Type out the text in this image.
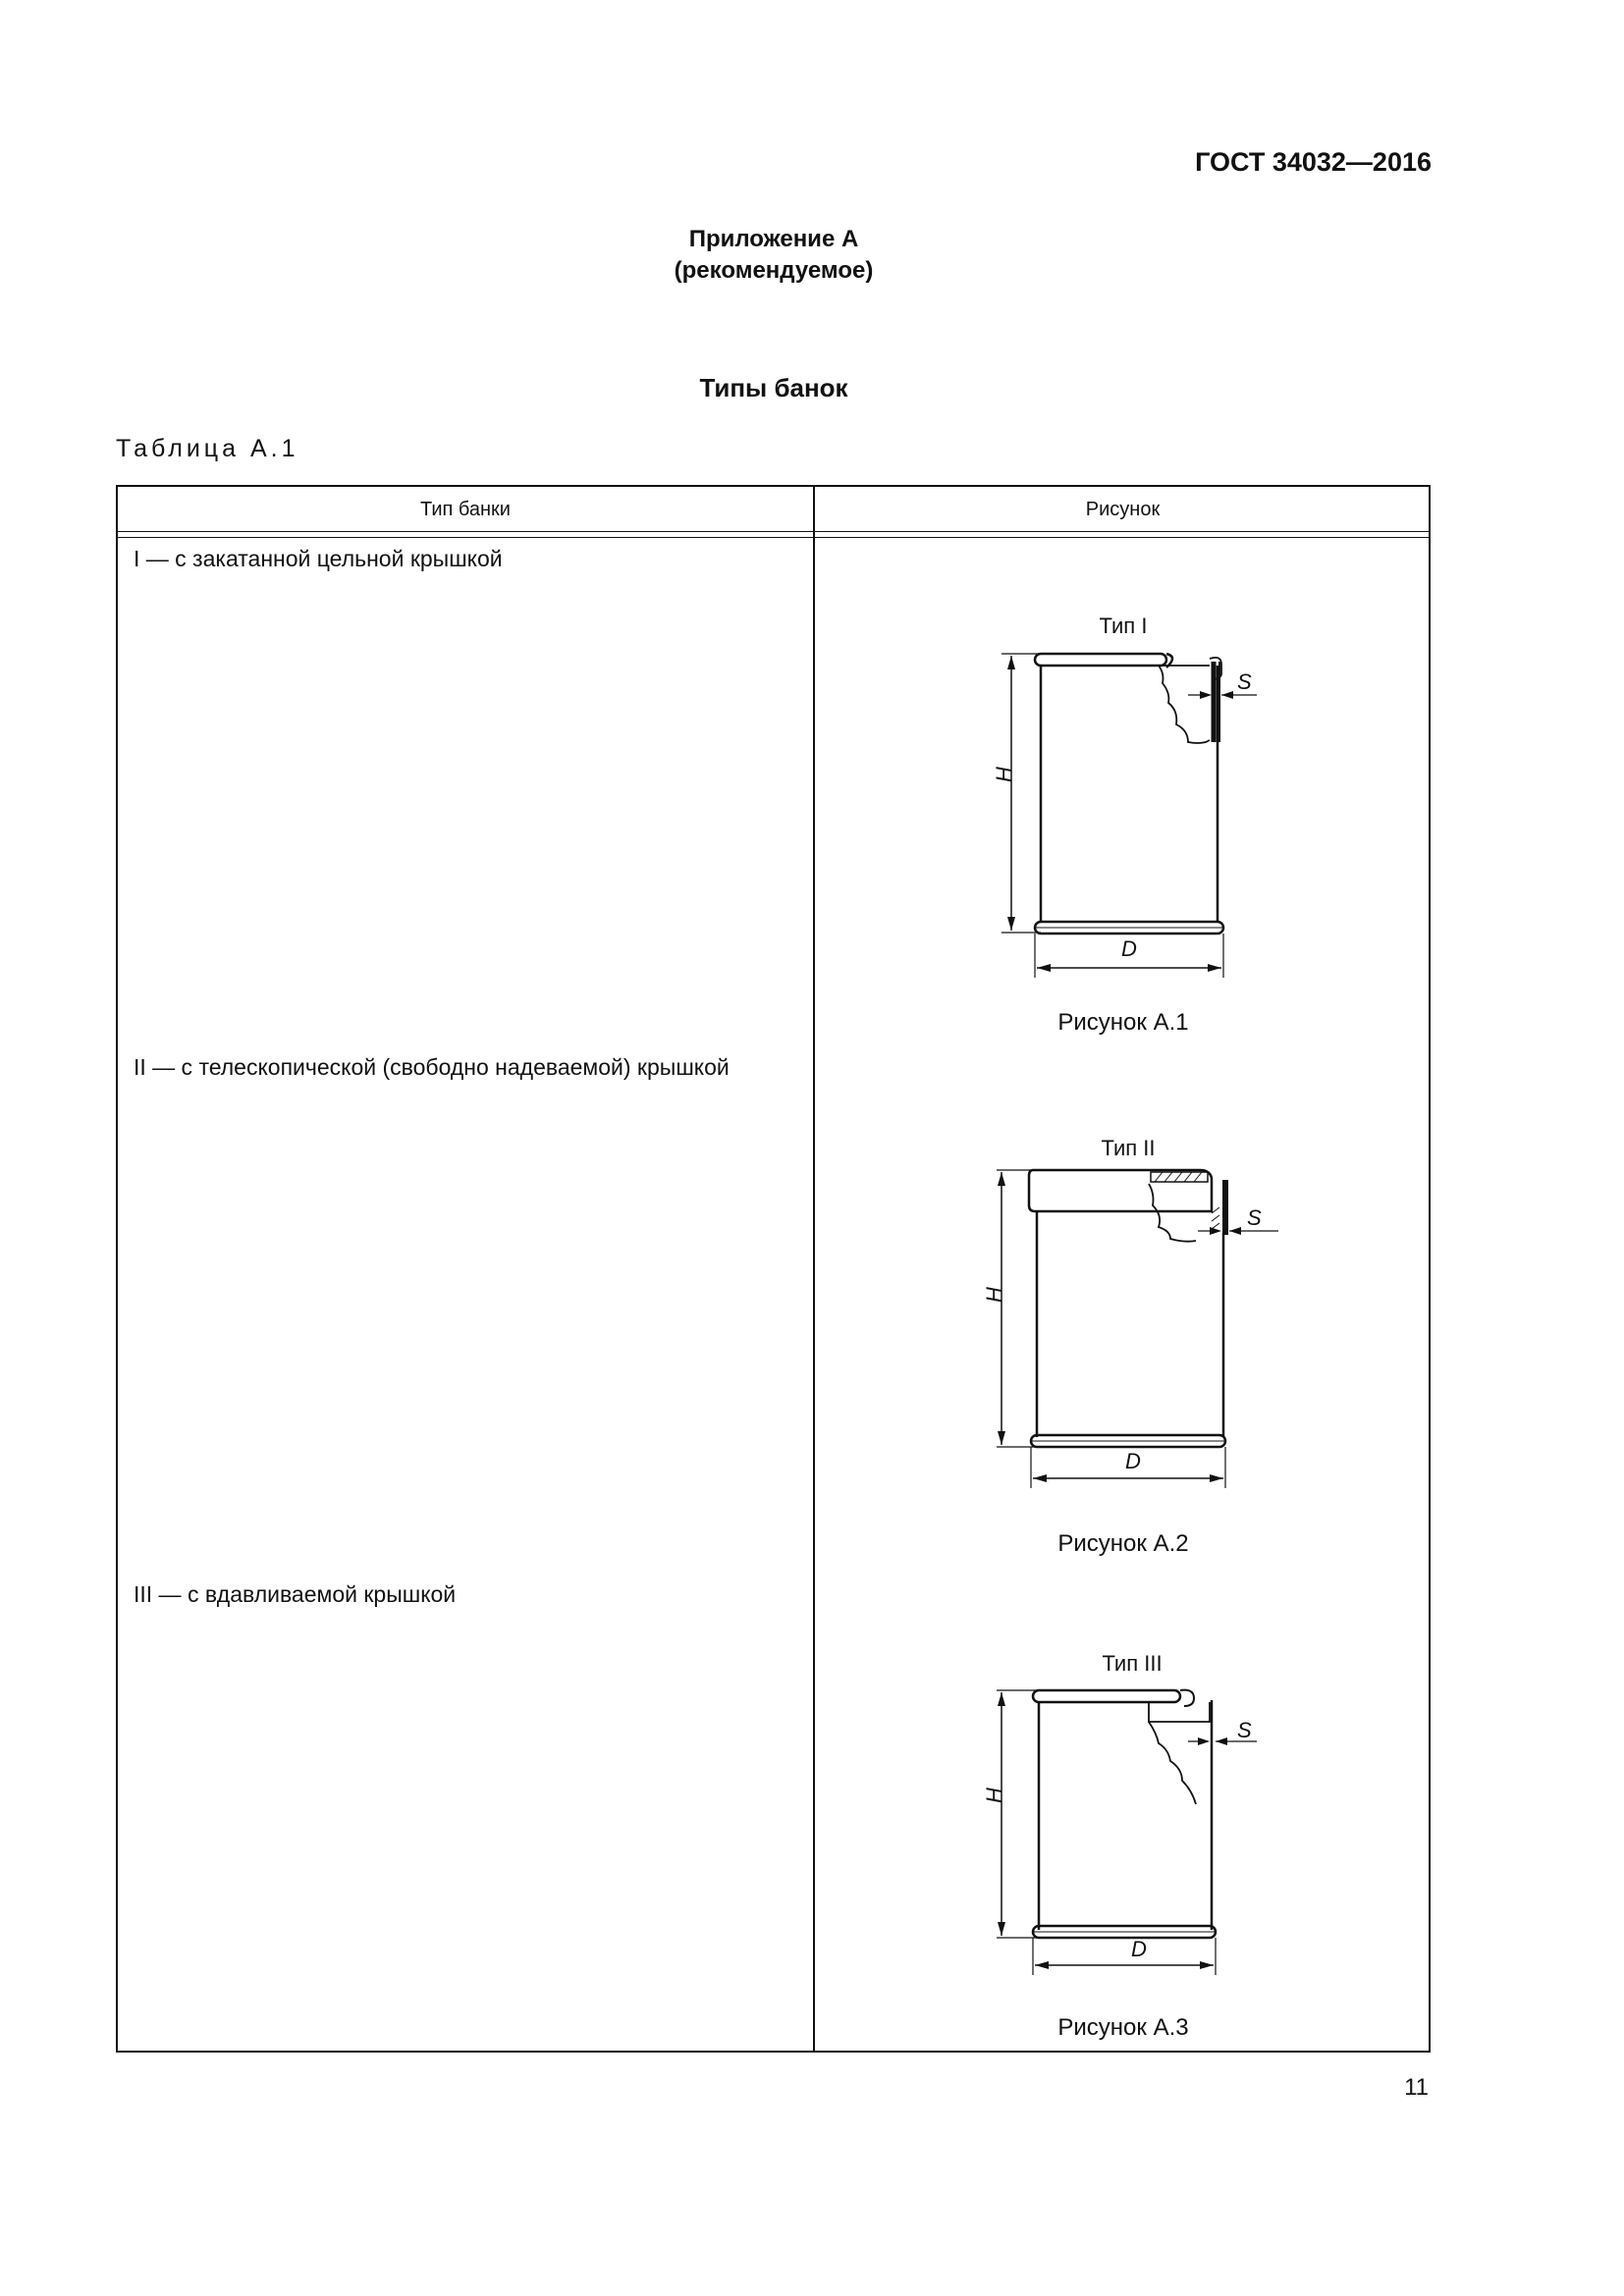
ГОСТ 34032—2016
Приложение А
(рекомендуемое)
Типы банок
Таблица А.1
Тип банки	Рисунок
I — с закатанной цельной крышкой
II — с телескопической (свободно надеваемой) крышкой
III — с вдавливаемой крышкой
Тип I
Тип II
Тип III
H
D
S
Рисунок А.1
H
D
S
Рисунок А.2
H
D
S
Рисунок А.3
11
